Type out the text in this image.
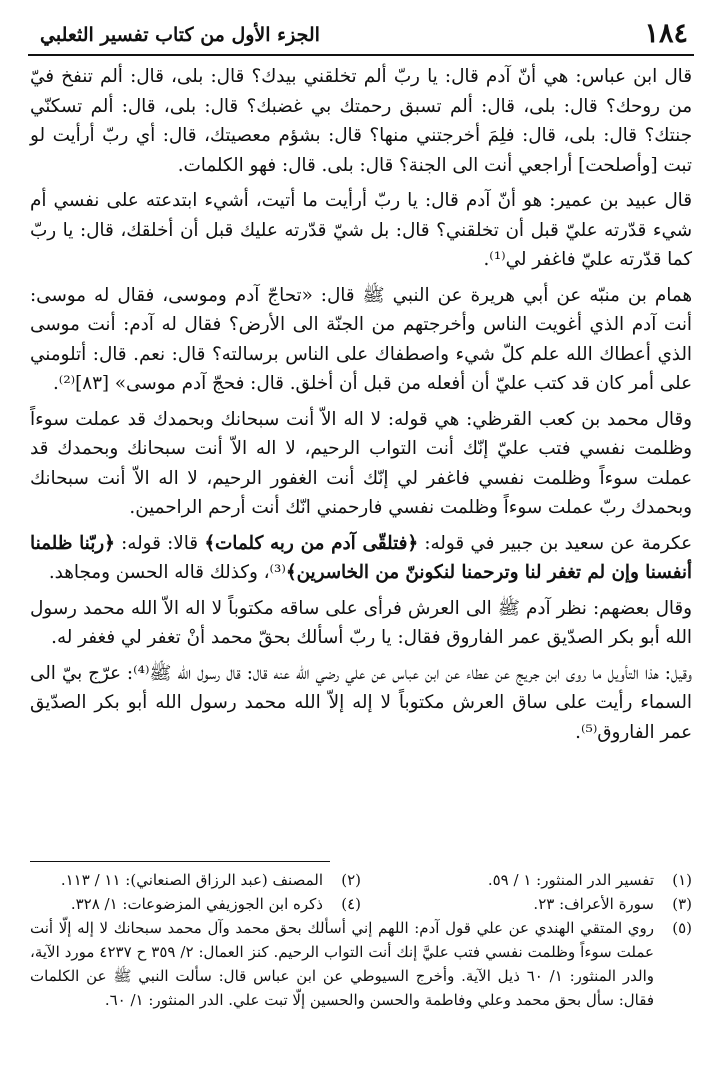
١٨٤
الجزء الأول من كتاب تفسير الثعلبي

قال ابن عباس: هي أنّ آدم قال: يا ربّ ألم تخلقني بيدك؟ قال: بلى، قال: ألم تنفخ فيّ من روحك؟ قال: بلى، قال: ألم تسبق رحمتك بي غضبك؟ قال: بلى، قال: ألم تسكنّي جنتك؟ قال: بلى، قال: فلِمَ أخرجتني منها؟ قال: بشؤم معصيتك، قال: أي ربّ أرأيت لو تبت [وأصلحت] أراجعي أنت الى الجنة؟ قال: بلى. قال: فهو الكلمات.

قال عبيد بن عمير: هو أنّ آدم قال: يا ربّ أرأيت ما أتيت، أشيء ابتدعته على نفسي أم شيء قدّرته عليّ قبل أن تخلقني؟ قال: بل شيّ قدّرته عليك قبل أن أخلقك، قال: يا ربّ كما قدّرته عليّ فاغفر لي⁽¹⁾.

همام بن منبّه عن أبي هريرة عن النبي ﷺ قال: «تحاجّ آدم وموسى، فقال له موسى: أنت آدم الذي أغويت الناس وأخرجتهم من الجنّة الى الأرض؟ فقال له آدم: أنت موسى الذي أعطاك الله علم كلّ شيء واصطفاك على الناس برسالته؟ قال: نعم. قال: أتلومني على أمر كان قد كتب عليّ أن أفعله من قبل أن أخلق. قال: فحجّ آدم موسى» [٨٣]⁽²⁾.

وقال محمد بن كعب القرظي: هي قوله: لا اله الاّ أنت سبحانك وبحمدك قد عملت سوءاً وظلمت نفسي فتب عليّ إنّك أنت التواب الرحيم، لا اله الاّ أنت سبحانك وبحمدك قد عملت سوءاً وظلمت نفسي فاغفر لي إنّك أنت الغفور الرحيم، لا اله الاّ أنت سبحانك وبحمدك ربّ عملت سوءاً وظلمت نفسي فارحمني انّك أنت أرحم الراحمين.

عكرمة عن سعيد بن جبير في قوله: ﴿فتلقّى آدم من ربه كلمات﴾ قالا: قوله: ﴿ربّنا ظلمنا أنفسنا وإن لم تغفر لنا وترحمنا لنكوننّ من الخاسرين﴾⁽³⁾، وكذلك قاله الحسن ومجاهد.

وقال بعضهم: نظر آدم ﷺ الى العرش فرأى على ساقه مكتوباً لا اله الاّ الله محمد رسول الله أبو بكر الصدّيق عمر الفاروق فقال: يا ربّ أسألك بحقّ محمد أنْ تغفر لي فغفر له.

وقيل: هذا التأويل ما روى ابن جريج عن عطاء عن ابن عباس عن علي رضي الله عنه قال: قال رسول الله ﷺ⁽⁴⁾: عرّج بيّ الى السماء رأيت على ساق العرش مكتوباً لا إله إلاّ الله محمد رسول الله أبو بكر الصدّيق عمر الفاروق⁽⁵⁾.

(١)
تفسير الدر المنثور: ١ / ٥٩.
(٢)
المصنف (عبد الرزاق الصنعاني): ١١ / ١١٣.
(٣)
سورة الأعراف: ٢٣.
(٤)
ذكره ابن الجوزيفي المزضوعات: ١/ ٣٢٨.
(٥)
روي المتقي الهندي عن علي قول آدم: اللهم إني أسألك بحق محمد وآل محمد سبحانك لا إله إلّا أنت عملت سوءاً وظلمت نفسي فتب عليَّ إنك أنت التواب الرحيم. كنز العمال: ٢/ ٣٥٩ ح ٤٢٣٧ مورد الآية، والدر المنثور: ١/ ٦٠ ذيل الآية. وأخرج السيوطي عن ابن عباس قال: سألت النبي ﷺ عن الكلمات فقال: سأل بحق محمد وعلي وفاطمة والحسن والحسين إلّا تبت علي. الدر المنثور: ١/ ٦٠.
